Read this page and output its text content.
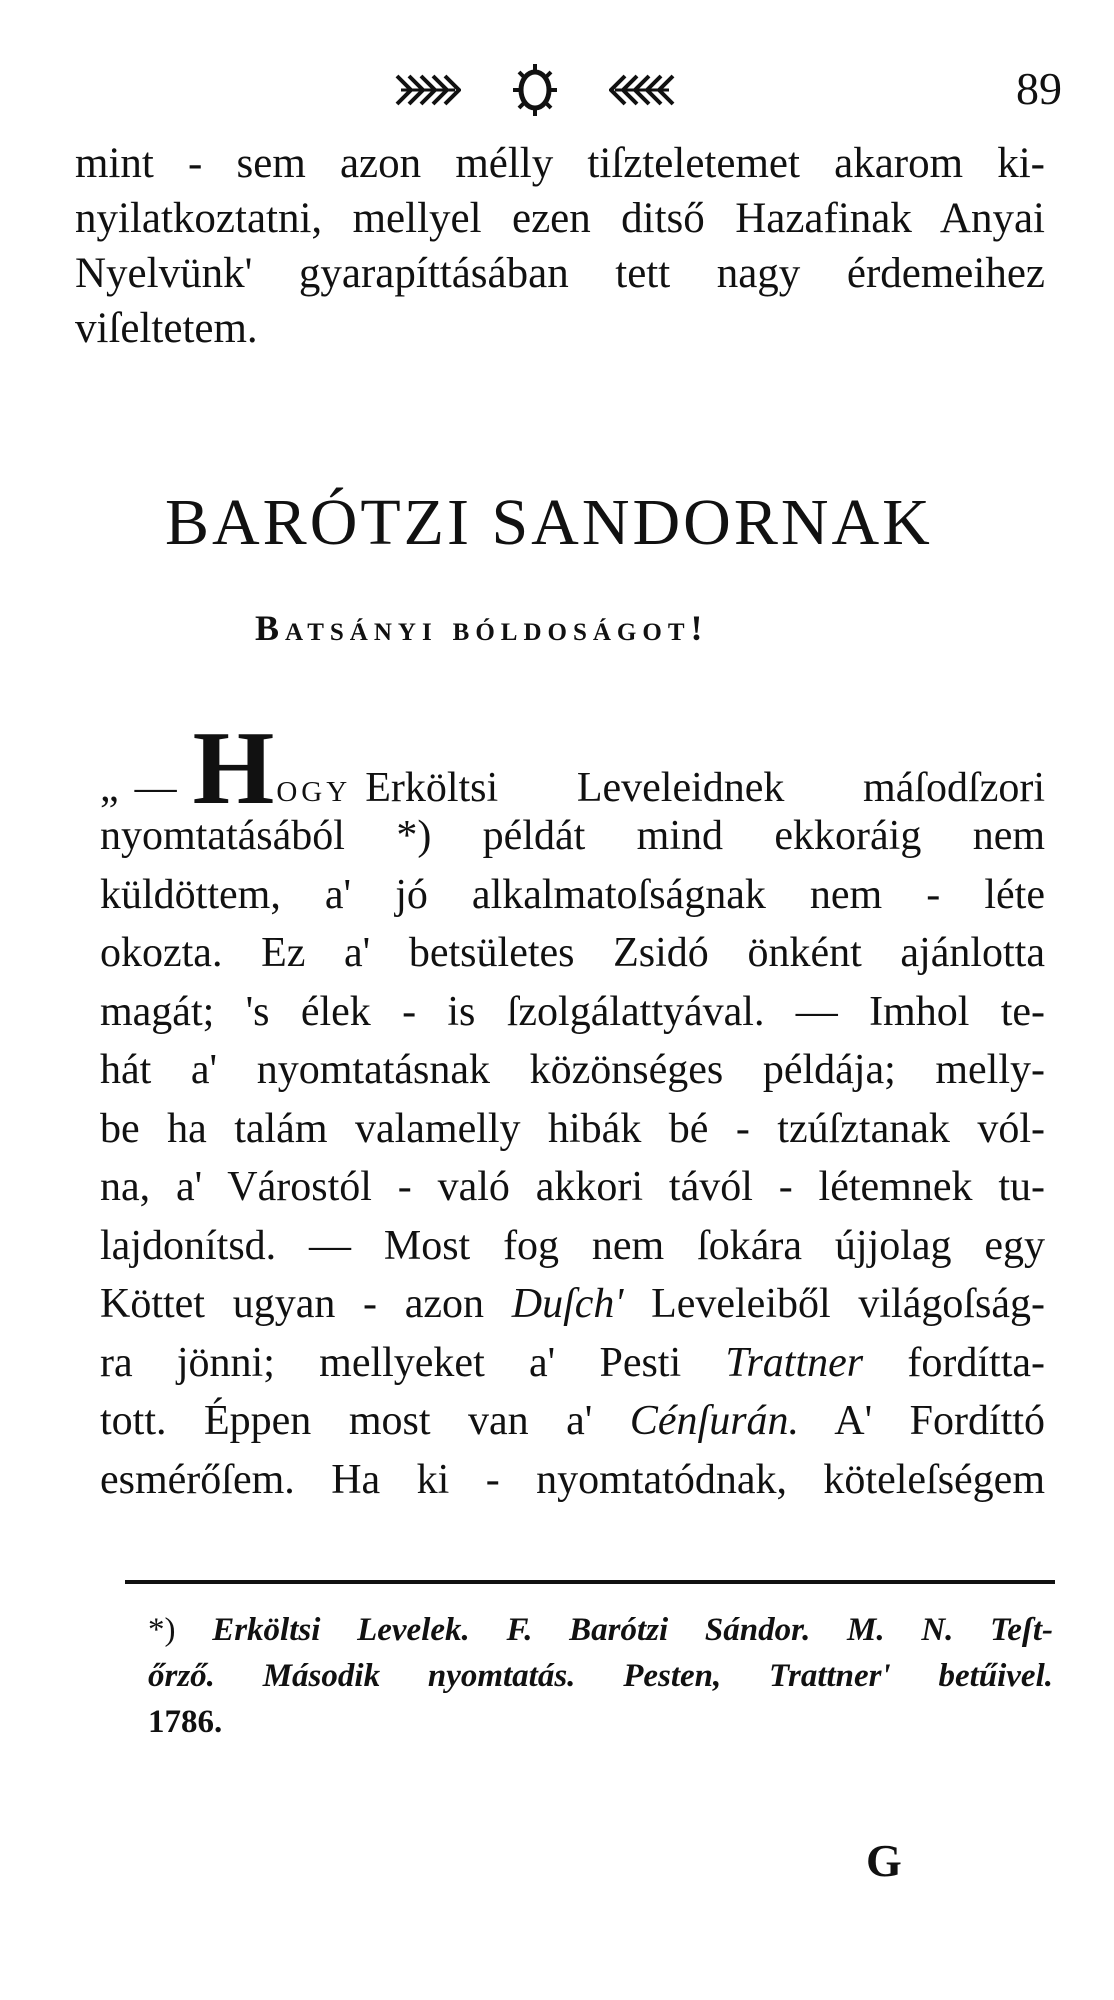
89
mint - sem azon mélly tiſzteletemet akarom ki-
nyilatkoztatni, mellyel ezen ditső Hazafinak Anyai
Nyelvünk' gyarapíttásában tett nagy érdemeihez
viſeltetem.
BARÓTZI SANDORNAK
Batsányi bóldoságot!
„ — H ogy Erköltsi Leveleidnek máſodſzori
nyomtatásából *) példát mind ekkoráig nem
küldöttem, a' jó alkalmatoſságnak nem - léte
okozta. Ez a' betsületes Zsidó önként ajánlotta
magát; 's élek - is ſzolgálattyával. — Imhol te-
hát a' nyomtatásnak közönséges példája; melly-
be ha talám valamelly hibák bé - tzúſztanak vól-
na, a' Várostól - való akkori távól - létemnek tu-
lajdonítsd. — Most fog nem ſokára újjolag egy
Köttet ugyan - azon Duſch' Leveleiből világoſság-
ra jönni; mellyeket a' Pesti Trattner fordítta-
tott. Éppen most van a' Cénſurán. A' Fordíttó
esmérőſem. Ha ki - nyomtatódnak, köteleſségem
*) Erköltsi Levelek. F. Barótzi Sándor. M. N. Teſt-
őrző. Második nyomtatás. Pesten, Trattner' betűivel.
1786.
G
